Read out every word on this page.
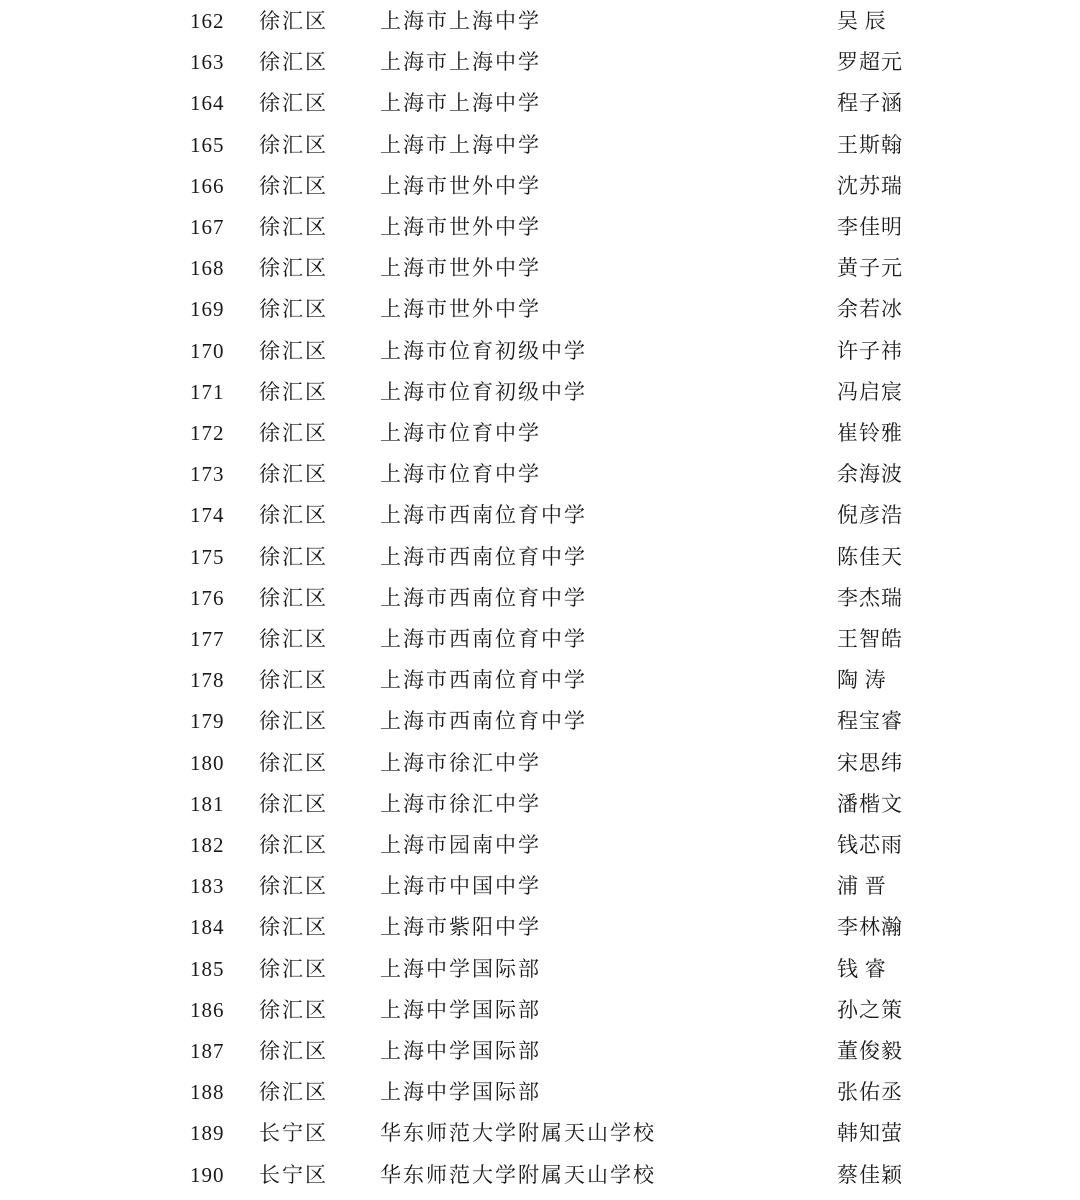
162 徐汇区 上海市上海中学	吴 辰
163 徐汇区 上海市上海中学	罗超元
164 徐汇区 上海市上海中学	程子涵
165 徐汇区 上海市上海中学	王斯翰
166 徐汇区 上海市世外中学	沈苏瑞
167 徐汇区 上海市世外中学	李佳明
168 徐汇区 上海市世外中学	黄子元
169 徐汇区 上海市世外中学	余若冰
170 徐汇区 上海市位育初级中学	许子祎
171 徐汇区 上海市位育初级中学	冯启宸
172 徐汇区 上海市位育中学	崔铃雅
173 徐汇区 上海市位育中学	余海波
174 徐汇区 上海市西南位育中学	倪彦浩
175 徐汇区 上海市西南位育中学	陈佳天
176 徐汇区 上海市西南位育中学	李杰瑞
177 徐汇区 上海市西南位育中学	王智皓
178 徐汇区 上海市西南位育中学	陶 涛
179 徐汇区 上海市西南位育中学	程宝睿
180 徐汇区 上海市徐汇中学	宋思纬
181 徐汇区 上海市徐汇中学	潘楷文
182 徐汇区 上海市园南中学	钱芯雨
183 徐汇区 上海市中国中学	浦 晋
184 徐汇区 上海市紫阳中学	李林瀚
185 徐汇区 上海中学国际部	钱 睿
186 徐汇区 上海中学国际部	孙之策
187 徐汇区 上海中学国际部	董俊毅
188 徐汇区 上海中学国际部	张佑丞
189 长宁区 华东师范大学附属天山学校	韩知萤
190 长宁区 华东师范大学附属天山学校	蔡佳颖
